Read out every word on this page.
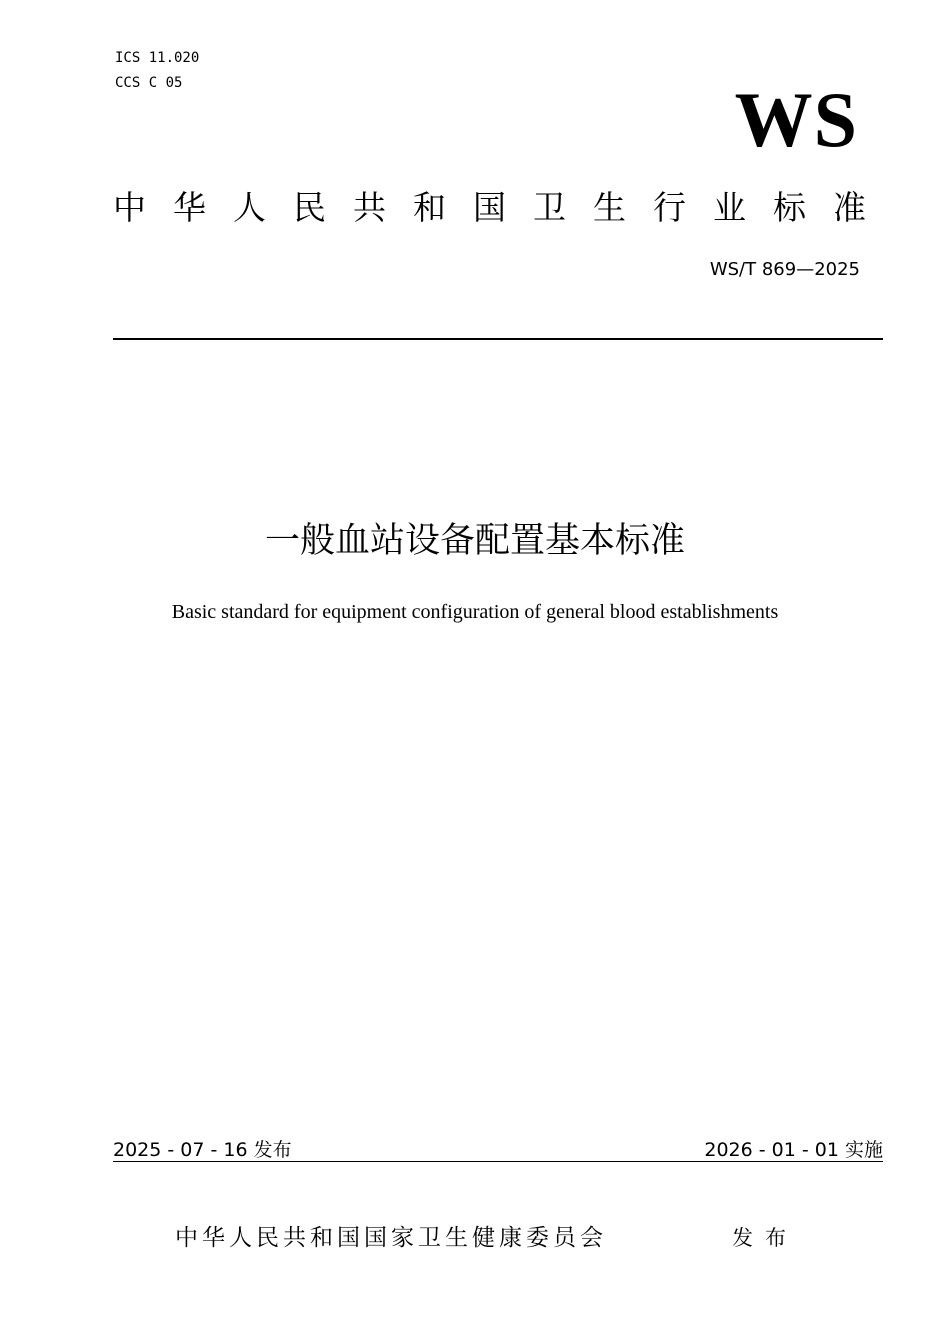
ICS 11.020
CCS C 05	WS
中华人民共和国卫生行业标准
WS/T 869—2025
一般血站设备配置基本标准
Basic standard for equipment configuration of general blood establishments
2025 - 07 - 16 发布	2026 - 01 - 01 实施
中华人民共和国国家卫生健康委员会	发布
